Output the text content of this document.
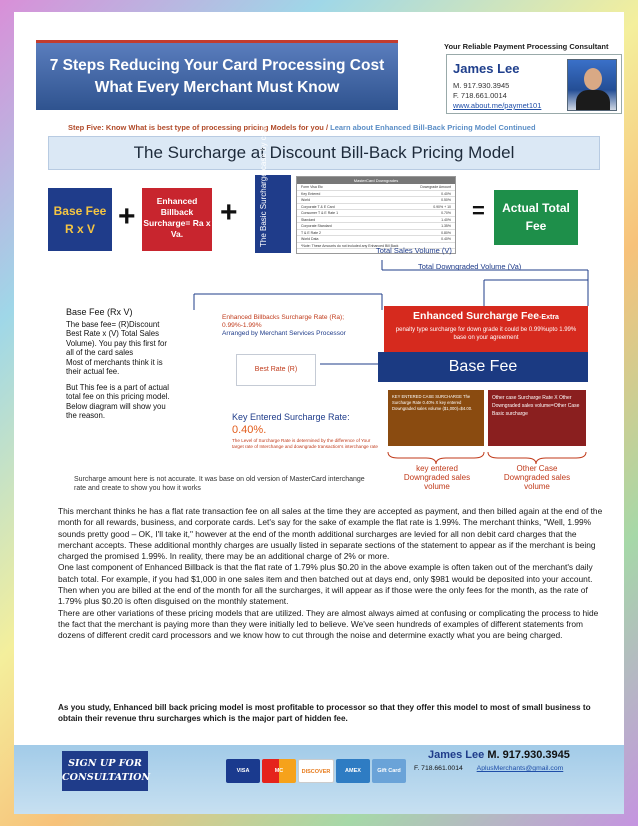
7 Steps Reducing Your Card Processing Cost
What Every Merchant Must Know
Your Reliable Payment Processing Consultant
James Lee
M. 917.930.3945
F. 718.661.0014
www.about.me/paymet101
Step Five: Know What is best type of processing pricing Models for you / Learn about Enhanced Bill-Back Pricing Model Continued
The Surcharge at Discount Bill-Back Pricing Model
Base Fee
R x V +	Enhanced Billback Surcharge= Ra x Va.
+	The Basic Surcharge case by case	MasterCard Downgrades
Form Visa Etc	Downgrade Amount
Key Entered	0.40%
World	0.50%
Corporate T & E Card	0.90% + 10
Consumer T & E Rate 1	0.70%
Standard	1.40%
Corporate Standard	1.35%
T & E Rate 2	0.80%
World Data	0.40%
*Note: These Amounts do not included any Enhanced Bill Back
=	Actual Total Fee
Total Sales Volume (V)
Total Downgraded Volume (Va)
Enhanced Billbacks Surcharge Rate (Ra);
0.99%-1.99%
Arranged by Merchant Services Processor
Enhanced Surcharge Fee-Extra
penalty type surcharge for down grade it could be 0.99%upto 1.99% base on your agreement
Base Fee
Best Rate (R)
Base Fee (Rx V)
The base fee= (R)Discount Best Rate x (V) Total Sales Volume). You pay this first for all of the card sales
Most of merchants think it is their actual fee.
But This fee is a part of actual total fee on this pricing model.
Below diagram will show you the reason.	Key Entered Surcharge Rate:
0.40%.
The Level of Surcharge Rate is determined by the difference of Your target rate of Interchange and downgrade transaction's interchange rate
KEY ENTERED CASE SURCHARGE The Surcharge Rate 0.40% X key entered Downgraded sales volume ($1,000)=$4.00.
Other case Surcharge Rate X Other Downgraded sales volume=Other Case Basic surcharge
key entered Downgraded sales volume
Other Case Downgraded sales volume
Surcharge amount here is not accurate. It was base on old version of MasterCard interchange rate and create to show you how it works

This merchant thinks he has a flat rate transaction fee on all sales at the time they are accepted as payment, and then billed again at the end of the month for all rewards, business, and corporate cards. Let's say for the sake of example the flat rate is 1.99%. The merchant thinks, "Well, 1.99% sounds pretty good – OK, I'll take it," however at the end of the month additional surcharges are levied for all non debit card charges that the merchant accepts. These additional monthly charges are usually listed in separate sections of the statement to appear as if the merchant is being charged the promised 1.99%. In reality, there may be an additional charge of 2% or more.

One last component of Enhanced Billback is that the flat rate of 1.79% plus $0.20 in the above example is often taken out of the merchant's daily batch total. For example, if you had $1,000 in one sales item and then batched out at days end, only $981 would be deposited into your account. Then when you are billed at the end of the month for all the surcharges, it will appear as if those were the only fees for the month, as the rate of 1.79% plus $0.20 is often disguised on the monthly statement.

There are other variations of these pricing models that are utilized. They are almost always aimed at confusing or complicating the process to hide the fact that the merchant is paying more than they were initially led to believe. We've seen hundreds of examples of different statements from dozens of different credit card processors and we know how to cut through the noise and determine exactly what you are being charged.

As you study, Enhanced bill back pricing model is most profitable to processor so that they offer this model to most of small business to obtain their revenue thru surcharges which is the major part of hidden fee.
SIGN UP FOR
CONSULTATION
VISA	MC	DISCOVER	AMEX	Gift Card
James Lee M. 917.930.3945
F. 718.661.0014 AplusMerchants@gmail.com
